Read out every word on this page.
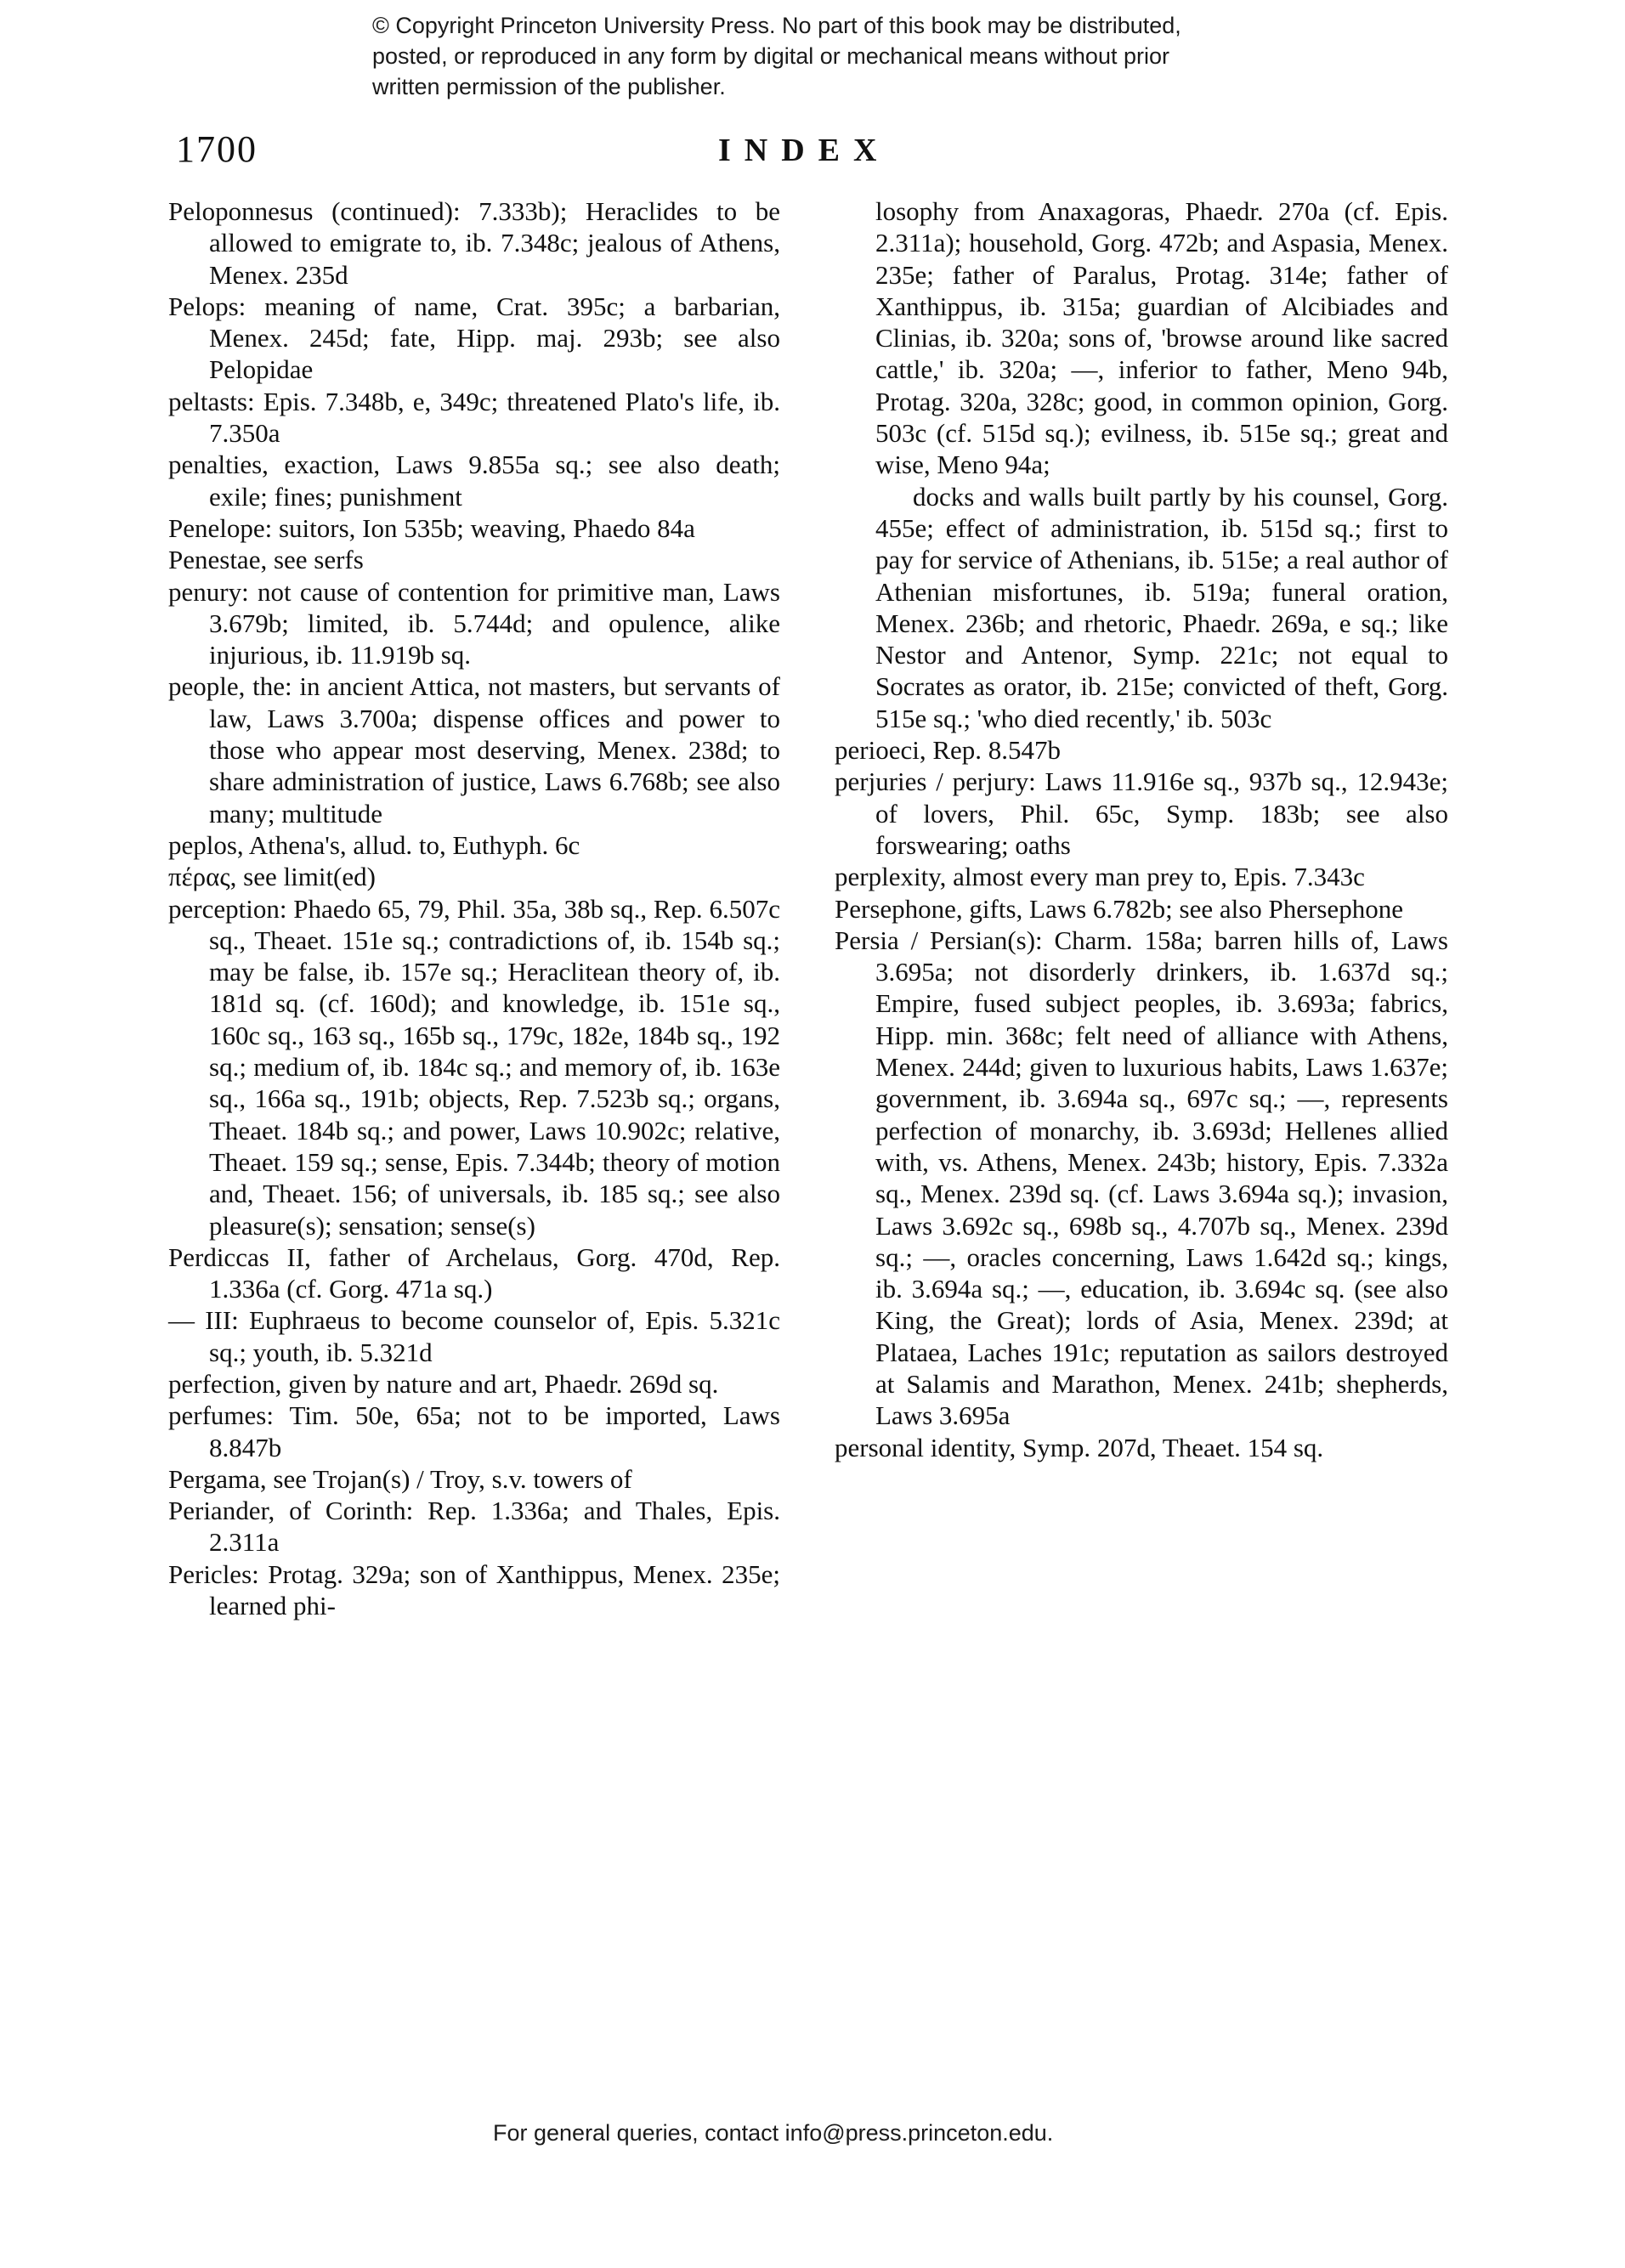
© Copyright Princeton University Press. No part of this book may be distributed, posted, or reproduced in any form by digital or mechanical means without prior written permission of the publisher.
1700	INDEX

Peloponnesus (continued): 7.333b); Heraclides to be allowed to emigrate to, ib. 7.348c; jealous of Athens, Menex. 235d

Pelops: meaning of name, Crat. 395c; a barbarian, Menex. 245d; fate, Hipp. maj. 293b; see also Pelopidae

peltasts: Epis. 7.348b, e, 349c; threatened Plato's life, ib. 7.350a

penalties, exaction, Laws 9.855a sq.; see also death; exile; fines; punishment

Penelope: suitors, Ion 535b; weaving, Phaedo 84a

Penestae, see serfs

penury: not cause of contention for primitive man, Laws 3.679b; limited, ib. 5.744d; and opulence, alike injurious, ib. 11.919b sq.

people, the: in ancient Attica, not masters, but servants of law, Laws 3.700a; dispense offices and power to those who appear most deserving, Menex. 238d; to share administration of justice, Laws 6.768b; see also many; multitude

peplos, Athena's, allud. to, Euthyph. 6c

πέρας, see limit(ed)

perception: Phaedo 65, 79, Phil. 35a, 38b sq., Rep. 6.507c sq., Theaet. 151e sq.; contradictions of, ib. 154b sq.; may be false, ib. 157e sq.; Heraclitean theory of, ib. 181d sq. (cf. 160d); and knowledge, ib. 151e sq., 160c sq., 163 sq., 165b sq., 179c, 182e, 184b sq., 192 sq.; medium of, ib. 184c sq.; and memory of, ib. 163e sq., 166a sq., 191b; objects, Rep. 7.523b sq.; organs, Theaet. 184b sq.; and power, Laws 10.902c; relative, Theaet. 159 sq.; sense, Epis. 7.344b; theory of motion and, Theaet. 156; of universals, ib. 185 sq.; see also pleasure(s); sensation; sense(s)

Perdiccas II, father of Archelaus, Gorg. 470d, Rep. 1.336a (cf. Gorg. 471a sq.)

— III: Euphraeus to become counselor of, Epis. 5.321c sq.; youth, ib. 5.321d

perfection, given by nature and art, Phaedr. 269d sq.

perfumes: Tim. 50e, 65a; not to be imported, Laws 8.847b

Pergama, see Trojan(s) / Troy, s.v. towers of

Periander, of Corinth: Rep. 1.336a; and Thales, Epis. 2.311a

Pericles: Protag. 329a; son of Xanthippus, Menex. 235e; learned phi-

losophy from Anaxagoras, Phaedr. 270a (cf. Epis. 2.311a); household, Gorg. 472b; and Aspasia, Menex. 235e; father of Paralus, Protag. 314e; father of Xanthippus, ib. 315a; guardian of Alcibiades and Clinias, ib. 320a; sons of, 'browse around like sacred cattle,' ib. 320a; —, inferior to father, Meno 94b, Protag. 320a, 328c; good, in common opinion, Gorg. 503c (cf. 515d sq.); evilness, ib. 515e sq.; great and wise, Meno 94a;

docks and walls built partly by his counsel, Gorg. 455e; effect of administration, ib. 515d sq.; first to pay for service of Athenians, ib. 515e; a real author of Athenian misfortunes, ib. 519a; funeral oration, Menex. 236b; and rhetoric, Phaedr. 269a, e sq.; like Nestor and Antenor, Symp. 221c; not equal to Socrates as orator, ib. 215e; convicted of theft, Gorg. 515e sq.; 'who died recently,' ib. 503c

perioeci, Rep. 8.547b

perjuries / perjury: Laws 11.916e sq., 937b sq., 12.943e; of lovers, Phil. 65c, Symp. 183b; see also forswearing; oaths

perplexity, almost every man prey to, Epis. 7.343c

Persephone, gifts, Laws 6.782b; see also Phersephone

Persia / Persian(s): Charm. 158a; barren hills of, Laws 3.695a; not disorderly drinkers, ib. 1.637d sq.; Empire, fused subject peoples, ib. 3.693a; fabrics, Hipp. min. 368c; felt need of alliance with Athens, Menex. 244d; given to luxurious habits, Laws 1.637e; government, ib. 3.694a sq., 697c sq.; —, represents perfection of monarchy, ib. 3.693d; Hellenes allied with, vs. Athens, Menex. 243b; history, Epis. 7.332a sq., Menex. 239d sq. (cf. Laws 3.694a sq.); invasion, Laws 3.692c sq., 698b sq., 4.707b sq., Menex. 239d sq.; —, oracles concerning, Laws 1.642d sq.; kings, ib. 3.694a sq.; —, education, ib. 3.694c sq. (see also King, the Great); lords of Asia, Menex. 239d; at Plataea, Laches 191c; reputation as sailors destroyed at Salamis and Marathon, Menex. 241b; shepherds, Laws 3.695a

personal identity, Symp. 207d, Theaet. 154 sq.

For general queries, contact info@press.princeton.edu.
